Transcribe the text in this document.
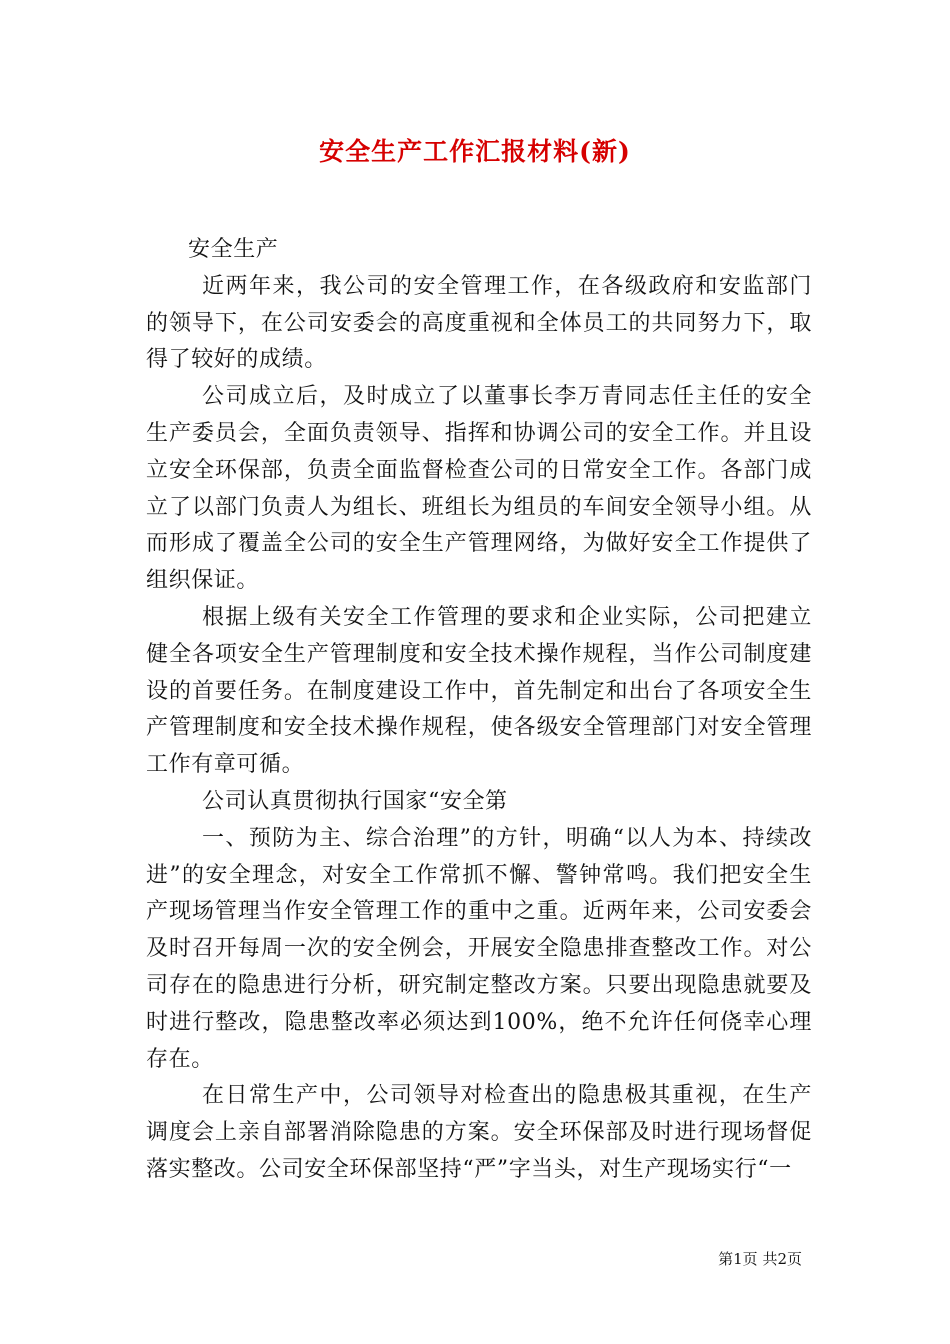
安全生产工作汇报材料(新)

安全生产

近两年来，我公司的安全管理工作，在各级政府和安监部门的领导下，在公司安委会的高度重视和全体员工的共同努力下，取得了较好的成绩。

公司成立后，及时成立了以董事长李万青同志任主任的安全生产委员会，全面负责领导、指挥和协调公司的安全工作。并且设立安全环保部，负责全面监督检查公司的日常安全工作。各部门成立了以部门负责人为组长、班组长为组员的车间安全领导小组。从而形成了覆盖全公司的安全生产管理网络，为做好安全工作提供了组织保证。

根据上级有关安全工作管理的要求和企业实际，公司把建立健全各项安全生产管理制度和安全技术操作规程，当作公司制度建设的首要任务。在制度建设工作中，首先制定和出台了各项安全生产管理制度和安全技术操作规程，使各级安全管理部门对安全管理工作有章可循。

公司认真贯彻执行国家“安全第

一、预防为主、综合治理”的方针，明确“以人为本、持续改进”的安全理念，对安全工作常抓不懈、警钟常鸣。我们把安全生产现场管理当作安全管理工作的重中之重。近两年来，公司安委会及时召开每周一次的安全例会，开展安全隐患排查整改工作。对公司存在的隐患进行分析，研究制定整改方案。只要出现隐患就要及时进行整改，隐患整改率必须达到100%，绝不允许任何侥幸心理存在。

在日常生产中，公司领导对检查出的隐患极其重视，在生产调度会上亲自部署消除隐患的方案。安全环保部及时进行现场督促落实整改。公司安全环保部坚持“严”字当头，对生产现场实行“一

第1页 共2页
